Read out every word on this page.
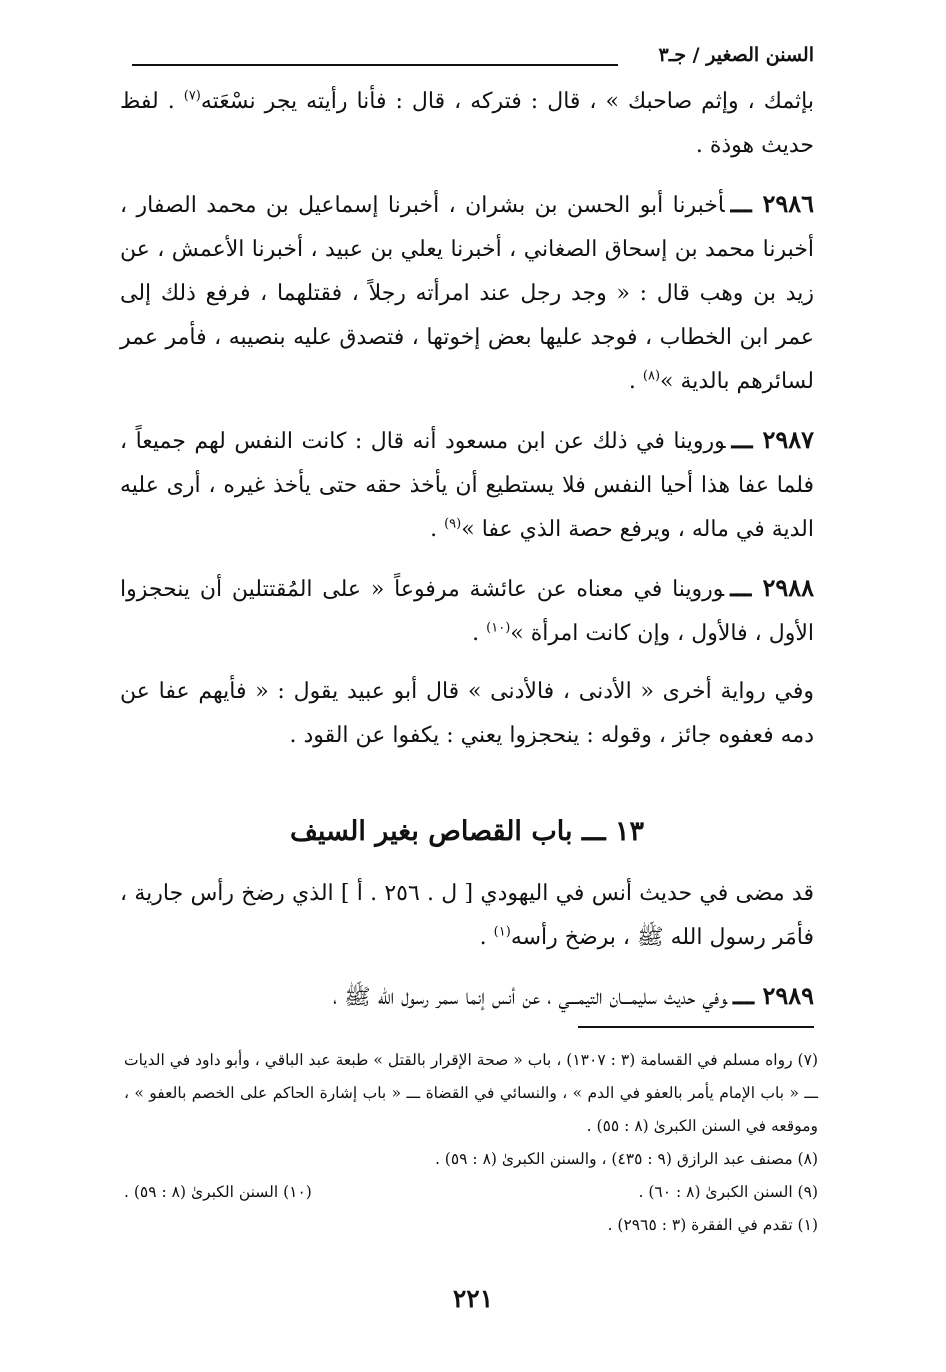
السنن الصغير / جـ٣

بإثمك ، وإثم صاحبك » ، قال : فتركه ، قال : فأنا رأيته يجر نسْعَته$^{(٧)}$ . لفظ حديث هوذة .

٢٩٨٦ ـــأخبرنا أبو الحسن بن بشران ، أخبرنا إسماعيل بن محمد الصفار ، أخبرنا محمد بن إسحاق الصغاني ، أخبرنا يعلي بن عبيد ، أخبرنا الأعمش ، عن زيد بن وهب قال : « وجد رجل عند امرأته رجلاً ، فقتلهما ، فرفع ذلك إلى عمر ابن الخطاب ، فوجد عليها بعض إخوتها ، فتصدق عليه بنصيبه ، فأمر عمر لسائرهم بالدية »$^{(٨)}$ .

٢٩٨٧ ـــوروينا في ذلك عن ابن مسعود أنه قال : كانت النفس لهم جميعاً ، فلما عفا هذا أحيا النفس فلا يستطيع أن يأخذ حقه حتى يأخذ غيره ، أرى عليه الدية في ماله ، ويرفع حصة الذي عفا »$^{(٩)}$ .

٢٩٨٨ ـــوروينا في معناه عن عائشة مرفوعاً « على المُقتتلين أن ينحجزوا الأول ، فالأول ، وإن كانت امرأة »$^{(١٠)}$ .

وفي رواية أخرى « الأدنى ، فالأدنى » قال أبو عبيد يقول : « فأيهم عفا عن دمه فعفوه جائز ، وقوله : ينحجزوا يعني : يكفوا عن القود .

١٣ ـــ باب القصاص بغير السيف

قد مضى في حديث أنس في اليهودي [ ل . ٢٥٦ . أ ] الذي رضخ رأس جارية ، فأمَر رسول الله ﷺ ، برضخ رأسه$^{(١)}$ .

٢٩٨٩ ـــوفي حديث سليمـــان التيمـــي ، عن أنس إنما سمر رسول الله ﷺ ،

(٧) رواه مسلم في القسامة (٣ : ١٣٠٧) ، باب « صحة الإقرار بالقتل » طبعة عبد الباقي ، وأبو داود في الديات ـــ « باب الإمام يأمر بالعفو في الدم » ، والنسائي في القضاة ـــ « باب إشارة الحاكم على الخصم بالعفو » ، وموقعه في السنن الكبرىٰ (٨ : ٥٥) .

(٨) مصنف عبد الرازق (٩ : ٤٣٥) ، والسنن الكبرىٰ (٨ : ٥٩) .

(٩) السنن الكبرىٰ (٨ : ٦٠) .
(١٠) السنن الكبرىٰ (٨ : ٥٩) .

(١) تقدم في الفقرة (٣ : ٢٩٦٥) .

٢٢١
